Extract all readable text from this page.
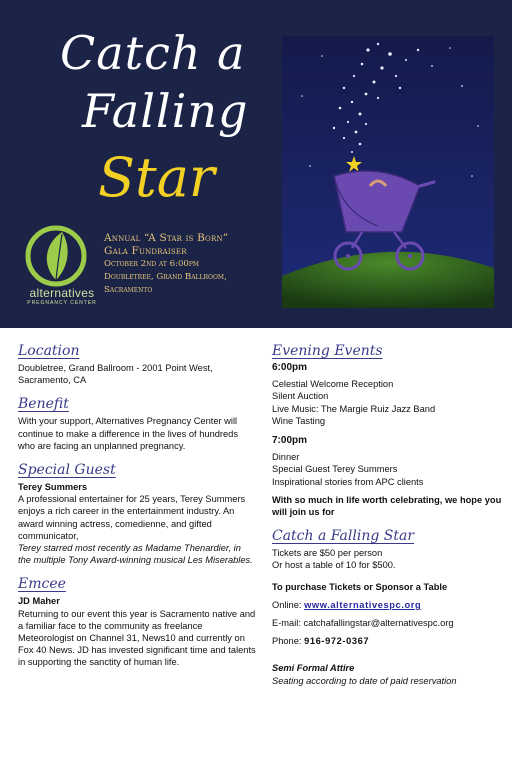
Catch a
Falling
Star
alternatives
PREGNANCY CENTER
Annual “A Star is Born”
Gala Fundraiser
October 2nd at 6:00pm
Doubletree, Grand Ballroom,
Sacramento
Location

Doubletree, Grand Ballroom - 2001 Point West, Sacramento, CA

Benefit

With your support, Alternatives Pregnancy Center will continue to make a difference in the lives of hundreds who are facing an unplanned pregnancy.

Special Guest

Terey Summers

A professional entertainer for 25 years, Terey Summers enjoys a rich career in the entertainment industry. An award winning actress, comedienne, and gifted communicator,

Terey starred most recently as Madame Thenardier, in the multiple Tony Award-winning musical Les Miserables.

Emcee

JD Maher

Returning to our event this year is Sacramento native and a familiar face to the community as freelance Meteorologist on Channel 31, News10 and currently on Fox 40 News. JD has invested significant time and talents in supporting the sanctity of human life.

Evening Events
6:00pm

Celestial Welcome Reception

Silent Auction

Live Music: The Margie Ruiz Jazz Band

Wine Tasting

7:00pm

Dinner

Special Guest Terey Summers

Inspirational stories from APC clients

With so much in life worth celebrating, we hope you will join us for

Catch a Falling Star

Tickets are $50 per person

Or host a table of 10 for $500.

To purchase Tickets or Sponsor a Table

Online: www.alternativespc.org

E-mail: catchafallingstar@alternativespc.org

Phone: 916-972-0367

Semi Formal Attire

Seating according to date of paid reservation
